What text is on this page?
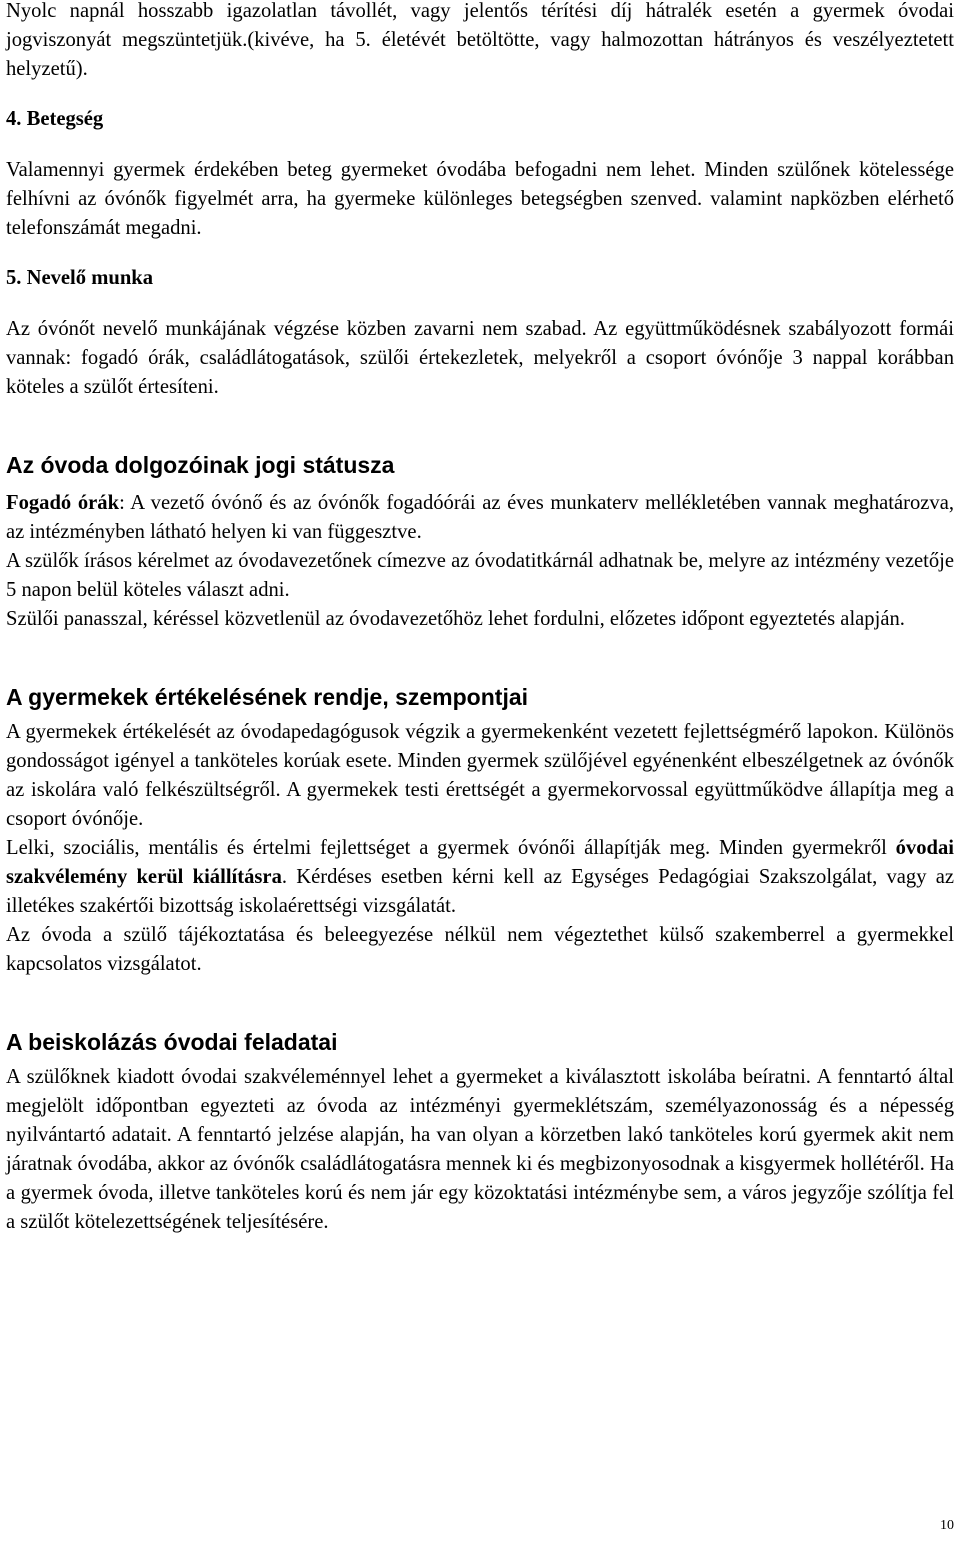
Nyolc napnál hosszabb igazolatlan távollét, vagy jelentős térítési díj hátralék esetén a gyermek óvodai jogviszonyát megszüntetjük.(kivéve, ha 5. életévét betöltötte, vagy halmozottan hátrányos és veszélyeztetett helyzetű).

4. Betegség

Valamennyi gyermek érdekében beteg gyermeket óvodába befogadni nem lehet. Minden szülőnek kötelessége felhívni az óvónők figyelmét arra, ha gyermeke különleges betegségben szenved. valamint napközben elérhető telefonszámát megadni.

5. Nevelő munka

Az óvónőt nevelő munkájának végzése közben zavarni nem szabad. Az együttműködésnek szabályozott formái vannak: fogadó órák, családlátogatások, szülői értekezletek, melyekről a csoport óvónője 3 nappal korábban köteles a szülőt értesíteni.

Az óvoda dolgozóinak jogi státusza

Fogadó órák: A vezető óvónő és az óvónők fogadóórái az éves munkaterv mellékletében vannak meghatározva, az intézményben látható helyen ki van függesztve.

A szülők írásos kérelmet az óvodavezetőnek címezve az óvodatitkárnál adhatnak be, melyre az intézmény vezetője 5 napon belül köteles választ adni.

Szülői panasszal, kéréssel közvetlenül az óvodavezetőhöz lehet fordulni, előzetes időpont egyeztetés alapján.

A gyermekek értékelésének rendje, szempontjai

A gyermekek értékelését az óvodapedagógusok végzik a gyermekenként vezetett fejlettségmérő lapokon. Különös gondosságot igényel a tanköteles korúak esete. Minden gyermek szülőjével egyénenként elbeszélgetnek az óvónők az iskolára való felkészültségről. A gyermekek testi érettségét a gyermekorvossal együttműködve állapítja meg a csoport óvónője.

Lelki, szociális, mentális és értelmi fejlettséget a gyermek óvónői állapítják meg. Minden gyermekről óvodai szakvélemény kerül kiállításra. Kérdéses esetben kérni kell az Egységes Pedagógiai Szakszolgálat, vagy az illetékes szakértői bizottság iskolaérettségi vizsgálatát.

Az óvoda a szülő tájékoztatása és beleegyezése nélkül nem végeztethet külső szakemberrel a gyermekkel kapcsolatos vizsgálatot.

A beiskolázás óvodai feladatai

A szülőknek kiadott óvodai szakvéleménnyel lehet a gyermeket a kiválasztott iskolába beíratni. A fenntartó által megjelölt időpontban egyezteti az óvoda az intézményi gyermeklétszám, személyazonosság és a népesség nyilvántartó adatait. A fenntartó jelzése alapján, ha van olyan a körzetben lakó tanköteles korú gyermek akit nem járatnak óvodába, akkor az óvónők családlátogatásra mennek ki és megbizonyosodnak a kisgyermek hollétéről. Ha a gyermek óvoda, illetve tanköteles korú és nem jár egy közoktatási intézménybe sem, a város jegyzője szólítja fel a szülőt kötelezettségének teljesítésére.

10
